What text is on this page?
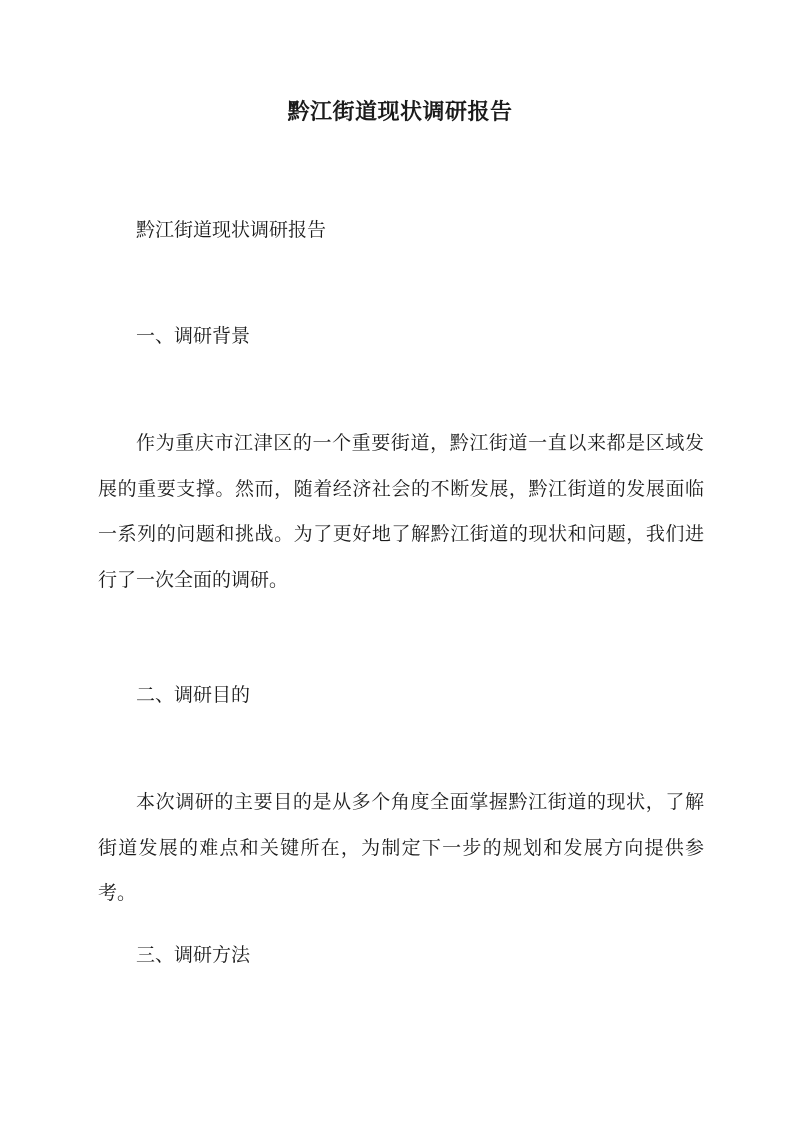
黔江街道现状调研报告

黔江街道现状调研报告

一、调研背景

作为重庆市江津区的一个重要街道，黔江街道一直以来都是区域发展的重要支撑。然而，随着经济社会的不断发展，黔江街道的发展面临一系列的问题和挑战。为了更好地了解黔江街道的现状和问题，我们进行了一次全面的调研。

二、调研目的

本次调研的主要目的是从多个角度全面掌握黔江街道的现状，了解街道发展的难点和关键所在，为制定下一步的规划和发展方向提供参考。

三、调研方法
